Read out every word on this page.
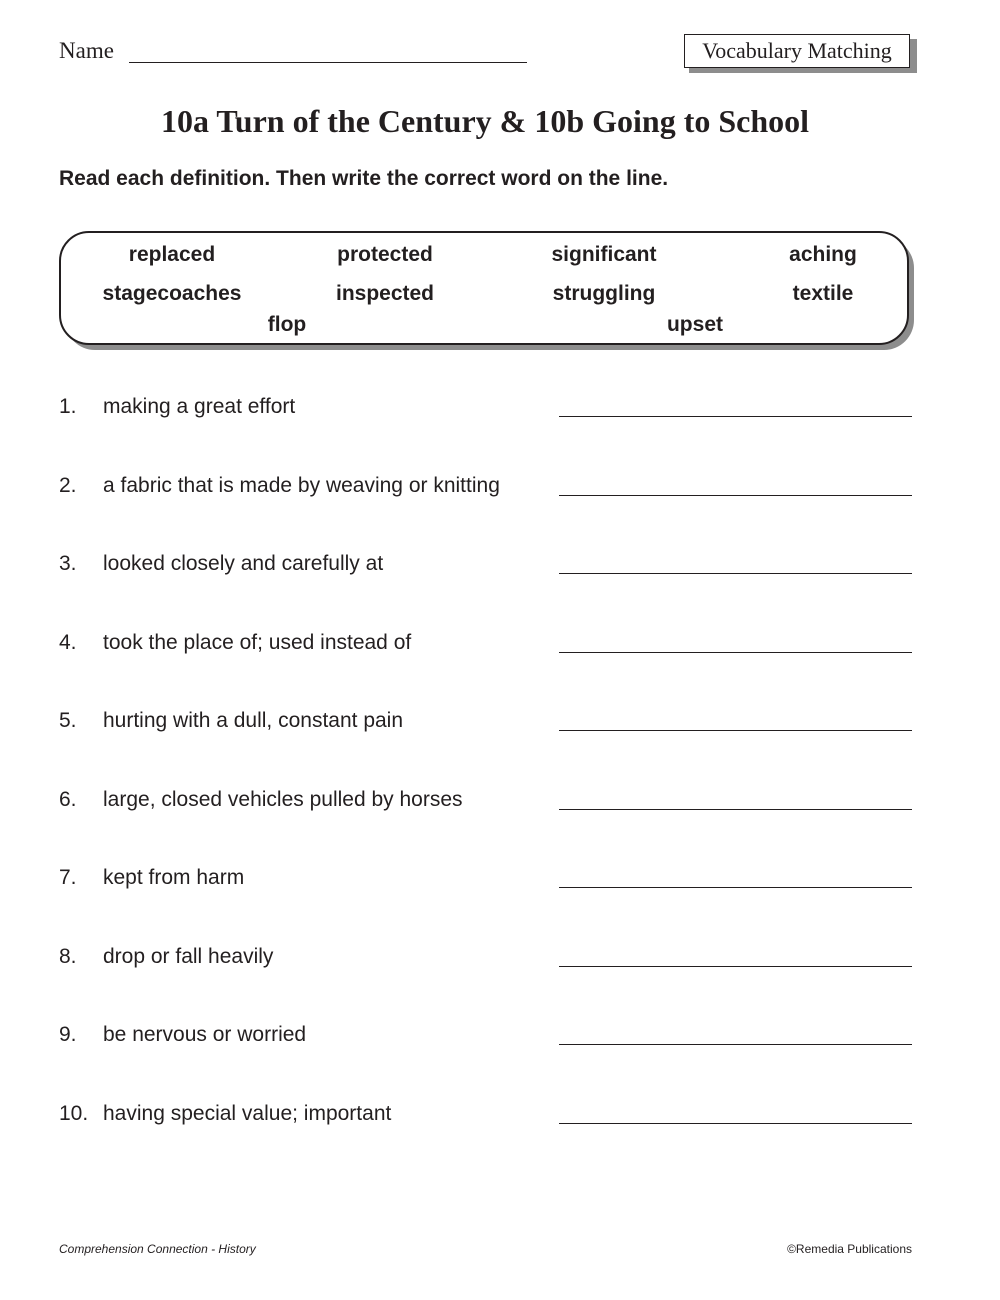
Name	Vocabulary Matching
10a Turn of the Century & 10b Going to School
Read each definition. Then write the correct word on the line.
replaced	protected	significant	aching
stagecoaches	inspected	struggling	textile
flop	upset
1. making a great effort
2. a fabric that is made by weaving or knitting
3. looked closely and carefully at
4. took the place of; used instead of
5. hurting with a dull, constant pain
6. large, closed vehicles pulled by horses
7. kept from harm
8. drop or fall heavily
9. be nervous or worried
10. having special value; important
Comprehension Connection - History	©Remedia Publications
